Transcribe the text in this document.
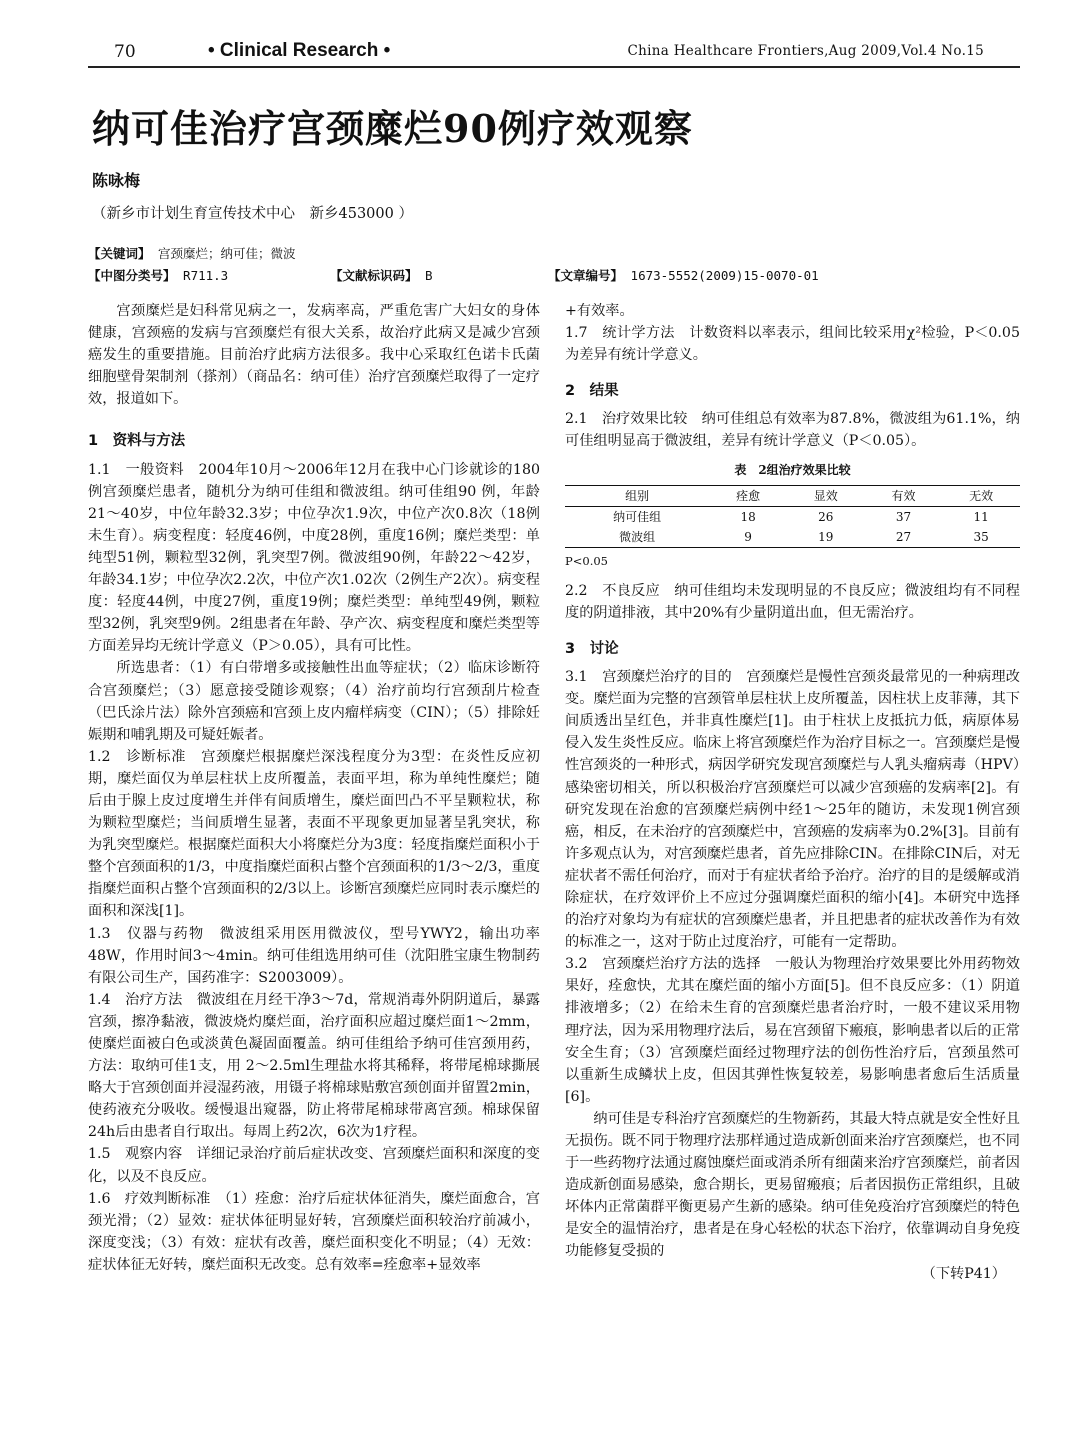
70	• Clinical Research •	China Healthcare Frontiers,Aug 2009,Vol.4 No.15
纳可佳治疗宫颈糜烂90例疗效观察
陈咏梅
（新乡市计划生育宣传技术中心　新乡453000 ）
【关键词】 宫颈糜烂；纳可佳；微波
【中图分类号】 R711.3	【文献标识码】 B	【文章编号】 1673-5552(2009)15-0070-01

宫颈糜烂是妇科常见病之一，发病率高，严重危害广大妇女的身体健康，宫颈癌的发病与宫颈糜烂有很大关系，故治疗此病又是减少宫颈癌发生的重要措施。目前治疗此病方法很多。我中心采取红色诺卡氏菌细胞壁骨架制剂（搽剂）（商品名：纳可佳）治疗宫颈糜烂取得了一定疗效，报道如下。

1　资料与方法

1.1　一般资料　2004年10月～2006年12月在我中心门诊就诊的180例宫颈糜烂患者，随机分为纳可佳组和微波组。纳可佳组90 例，年龄21～40岁，中位年龄32.3岁；中位孕次1.9次，中位产次0.8次（18例未生育）。病变程度：轻度46例，中度28例，重度16例；糜烂类型：单纯型51例，颗粒型32例，乳突型7例。微波组90例，年龄22～42岁，年龄34.1岁；中位孕次2.2次，中位产次1.02次（2例生产2次）。病变程度：轻度44例，中度27例，重度19例；糜烂类型：单纯型49例，颗粒型32例，乳突型9例。2组患者在年龄、孕产次、病变程度和糜烂类型等方面差异均无统计学意义（P＞0.05），具有可比性。

所选患者：（1）有白带增多或接触性出血等症状；（2）临床诊断符合宫颈糜烂；（3）愿意接受随诊观察；（4）治疗前均行宫颈刮片检查（巴氏涂片法）除外宫颈癌和宫颈上皮内瘤样病变（CIN）；（5）排除妊娠期和哺乳期及可疑妊娠者。

1.2　诊断标准　宫颈糜烂根据糜烂深浅程度分为3型：在炎性反应初期，糜烂面仅为单层柱状上皮所覆盖，表面平坦，称为单纯性糜烂；随后由于腺上皮过度增生并伴有间质增生，糜烂面凹凸不平呈颗粒状，称为颗粒型糜烂；当间质增生显著，表面不平现象更加显著呈乳突状，称为乳突型糜烂。根据糜烂面积大小将糜烂分为3度：轻度指糜烂面积小于整个宫颈面积的1/3，中度指糜烂面积占整个宫颈面积的1/3～2/3，重度指糜烂面积占整个宫颈面积的2/3以上。诊断宫颈糜烂应同时表示糜烂的面积和深浅[1]。

1.3　仪器与药物　微波组采用医用微波仪，型号YWY2，输出功率48W，作用时间3～4min。纳可佳组选用纳可佳（沈阳胜宝康生物制药有限公司生产，国药准字：S2003009）。

1.4　治疗方法　微波组在月经干净3～7d，常规消毒外阴阴道后，暴露宫颈，擦净黏液，微波烧灼糜烂面，治疗面积应超过糜烂面1～2mm，使糜烂面被白色或淡黄色凝固面覆盖。纳可佳组给予纳可佳宫颈用药，方法：取纳可佳1支，用 2～2.5ml生理盐水将其稀释，将带尾棉球撕展略大于宫颈创面并浸湿药液，用镊子将棉球贴敷宫颈创面并留置2min，使药液充分吸收。缓慢退出窥器，防止将带尾棉球带离宫颈。棉球保留24h后由患者自行取出。每周上药2次，6次为1疗程。

1.5　观察内容　详细记录治疗前后症状改变、宫颈糜烂面积和深度的变化，以及不良反应。

1.6　疗效判断标准　（1）痊愈：治疗后症状体征消失，糜烂面愈合，宫颈光滑；（2）显效：症状体征明显好转，宫颈糜烂面积较治疗前减小，深度变浅；（3）有效：症状有改善，糜烂面积变化不明显；（4）无效：症状体征无好转，糜烂面积无改变。总有效率=痊愈率+显效率

+有效率。

1.7　统计学方法　计数资料以率表示，组间比较采用χ²检验，P＜0.05为差异有统计学意义。

2　结果

2.1　治疗效果比较　纳可佳组总有效率为87.8%，微波组为61.1%，纳可佳组明显高于微波组，差异有统计学意义（P＜0.05）。

表　2组治疗效果比较
组别	痊愈	显效	有效	无效
纳可佳组	18	26	37	11
微波组	9	19	27	35
P<0.05

2.2　不良反应　纳可佳组均未发现明显的不良反应；微波组均有不同程度的阴道排液，其中20%有少量阴道出血，但无需治疗。

3　讨论

3.1　宫颈糜烂治疗的目的　宫颈糜烂是慢性宫颈炎最常见的一种病理改变。糜烂面为完整的宫颈管单层柱状上皮所覆盖，因柱状上皮菲薄，其下间质透出呈红色，并非真性糜烂[1]。由于柱状上皮抵抗力低，病原体易侵入发生炎性反应。临床上将宫颈糜烂作为治疗目标之一。宫颈糜烂是慢性宫颈炎的一种形式，病因学研究发现宫颈糜烂与人乳头瘤病毒（HPV）感染密切相关，所以积极治疗宫颈糜烂可以减少宫颈癌的发病率[2]。有研究发现在治愈的宫颈糜烂病例中经1～25年的随访，未发现1例宫颈癌，相反，在未治疗的宫颈糜烂中，宫颈癌的发病率为0.2%[3]。目前有许多观点认为，对宫颈糜烂患者，首先应排除CIN。在排除CIN后，对无症状者不需任何治疗，而对于有症状者给予治疗。治疗的目的是缓解或消除症状，在疗效评价上不应过分强调糜烂面积的缩小[4]。本研究中选择的治疗对象均为有症状的宫颈糜烂患者，并且把患者的症状改善作为有效的标准之一，这对于防止过度治疗，可能有一定帮助。

3.2　宫颈糜烂治疗方法的选择　一般认为物理治疗效果要比外用药物效果好，痊愈快，尤其在糜烂面的缩小方面[5]。但不良反应多：（1）阴道排液增多；（2）在给未生育的宫颈糜烂患者治疗时，一般不建议采用物理疗法，因为采用物理疗法后，易在宫颈留下瘢痕，影响患者以后的正常安全生育；（3）宫颈糜烂面经过物理疗法的创伤性治疗后，宫颈虽然可以重新生成鳞状上皮，但因其弹性恢复较差，易影响患者愈后生活质量[6]。

纳可佳是专科治疗宫颈糜烂的生物新药，其最大特点就是安全性好且无损伤。既不同于物理疗法那样通过造成新创面来治疗宫颈糜烂，也不同于一些药物疗法通过腐蚀糜烂面或消杀所有细菌来治疗宫颈糜烂，前者因造成新创面易感染，愈合期长，更易留瘢痕；后者因损伤正常组织，且破坏体内正常菌群平衡更易产生新的感染。纳可佳免疫治疗宫颈糜烂的特色是安全的温情治疗，患者是在身心轻松的状态下治疗，依靠调动自身免疫功能修复受损的

（下转P41）
